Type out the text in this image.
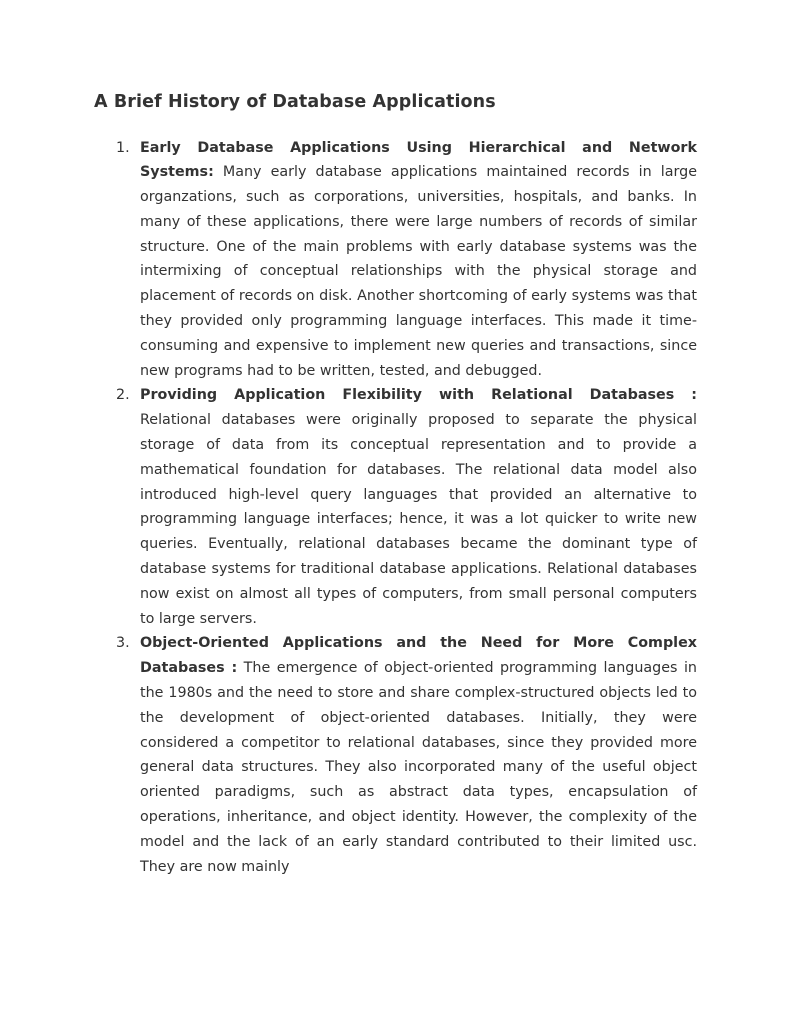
A Brief History of Database Applications
1. Early Database Applications Using Hierarchical and Network Systems: Many early database applications maintained records in large organzations, such as corporations, universities, hospitals, and banks. In many of these applications, there were large numbers of records of similar structure. One of the main problems with early database systems was the intermixing of conceptual relationships with the physical storage and placement of records on disk. Another shortcoming of early systems was that they provided only programming language interfaces. This made it time-consuming and expensive to implement new queries and transactions, since new programs had to be written, tested, and debugged.
2. Providing Application Flexibility with Relational Databases : Relational databases were originally proposed to separate the physical storage of data from its conceptual representation and to provide a mathematical foundation for databases. The relational data model also introduced high-level query languages that provided an alternative to programming language interfaces; hence, it was a lot quicker to write new queries. Eventually, relational databases became the dominant type of database systems for traditional database applications. Relational databases now exist on almost all types of computers, from small personal computers to large servers.
3. Object-Oriented Applications and the Need for More Complex Databases : The emergence of object-oriented programming languages in the 1980s and the need to store and share complex-structured objects led to the development of object-oriented databases. Initially, they were considered a competitor to relational databases, since they provided more general data structures. They also incorporated many of the useful object oriented paradigms, such as abstract data types, encapsulation of operations, inheritance, and object identity. However, the complexity of the model and the lack of an early standard contributed to their limited usc. They are now mainly
